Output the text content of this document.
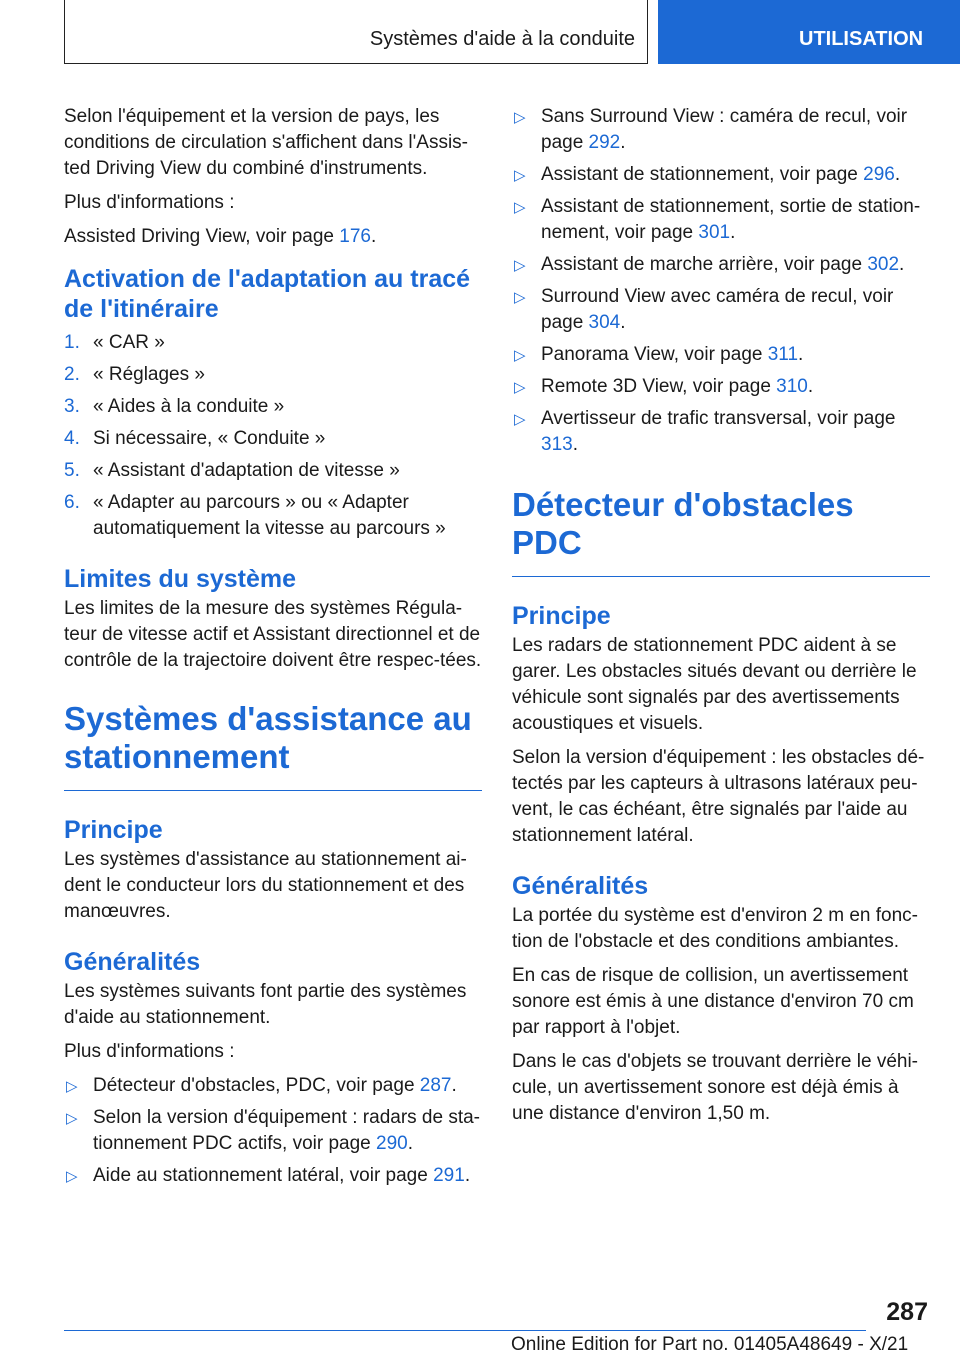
Systèmes d'aide à la conduite	UTILISATION

Selon l'équipement et la version de pays, les conditions de circulation s'affichent dans l'Assis-ted Driving View du combiné d'instruments.

Plus d'informations :

Assisted Driving View, voir page 176.

Activation de l'adaptation au tracé de l'itinéraire
1. « CAR »
2. « Réglages »
3. « Aides à la conduite »
4. Si nécessaire, « Conduite »
5. « Assistant d'adaptation de vitesse »
6. « Adapter au parcours » ou « Adapter automatiquement la vitesse au parcours »
Limites du système

Les limites de la mesure des systèmes Régula-teur de vitesse actif et Assistant directionnel et de contrôle de la trajectoire doivent être respec-tées.

Systèmes d'assistance au stationnement
Principe

Les systèmes d'assistance au stationnement ai-dent le conducteur lors du stationnement et des manœuvres.

Généralités

Les systèmes suivants font partie des systèmes d'aide au stationnement.

Plus d'informations :

▷ Détecteur d'obstacles, PDC, voir page 287.
▷ Selon la version d'équipement : radars de sta-tionnement PDC actifs, voir page 290.
▷ Aide au stationnement latéral, voir page 291.
▷ Sans Surround View : caméra de recul, voir page 292.
▷ Assistant de stationnement, voir page 296.
▷ Assistant de stationnement, sortie de station-nement, voir page 301.
▷ Assistant de marche arrière, voir page 302.
▷ Surround View avec caméra de recul, voir page 304.
▷ Panorama View, voir page 311.
▷ Remote 3D View, voir page 310.
▷ Avertisseur de trafic transversal, voir page 313.
Détecteur d'obstacles PDC
Principe

Les radars de stationnement PDC aident à se garer. Les obstacles situés devant ou derrière le véhicule sont signalés par des avertissements acoustiques et visuels.

Selon la version d'équipement : les obstacles dé-tectés par les capteurs à ultrasons latéraux peu-vent, le cas échéant, être signalés par l'aide au stationnement latéral.

Généralités

La portée du système est d'environ 2 m en fonc-tion de l'obstacle et des conditions ambiantes.

En cas de risque de collision, un avertissement sonore est émis à une distance d'environ 70 cm par rapport à l'objet.

Dans le cas d'objets se trouvant derrière le véhi-cule, un avertissement sonore est déjà émis à une distance d'environ 1,50 m.

287
Online Edition for Part no. 01405A48649 - X/21
